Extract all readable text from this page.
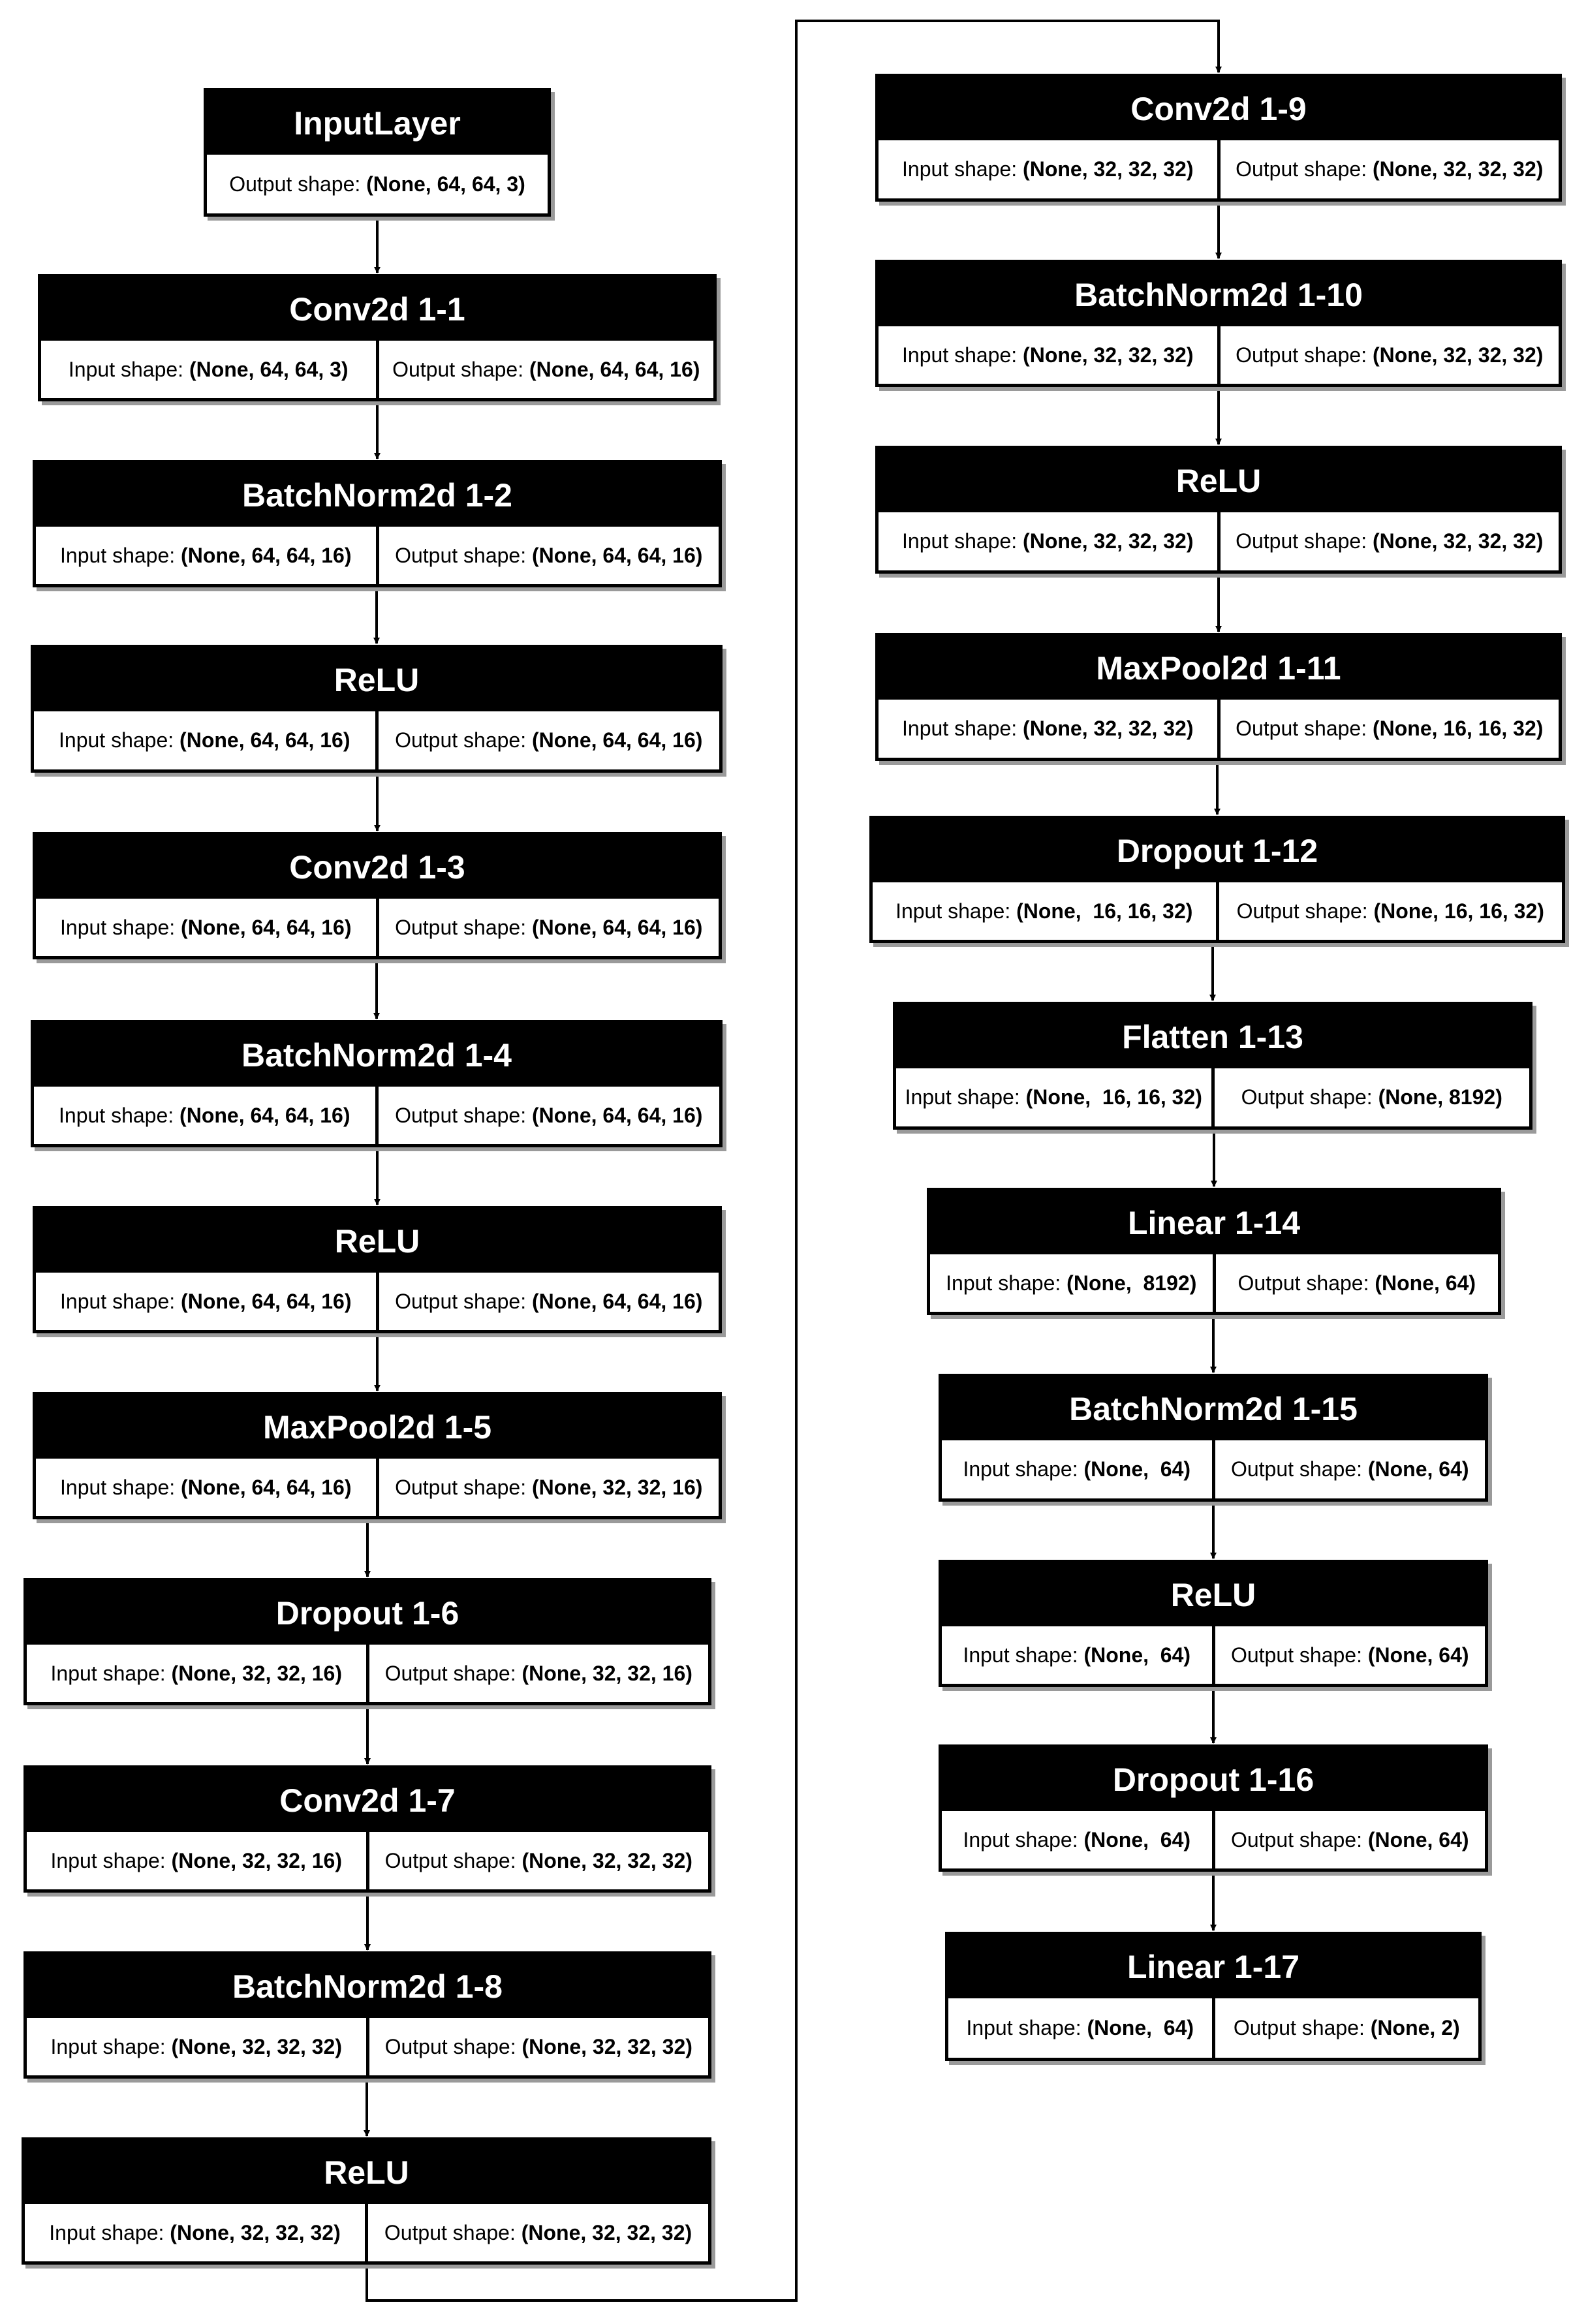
InputLayer
Output shape: (None, 64, 64, 3)
Conv2d 1-1
Input shape: (None, 64, 64, 3) Output shape: (None, 64, 64, 16)
BatchNorm2d 1-2
Input shape: (None, 64, 64, 16) Output shape: (None, 64, 64, 16)
ReLU
Input shape: (None, 64, 64, 16) Output shape: (None, 64, 64, 16)
Conv2d 1-3
Input shape: (None, 64, 64, 16) Output shape: (None, 64, 64, 16)
BatchNorm2d 1-4
Input shape: (None, 64, 64, 16) Output shape: (None, 64, 64, 16)
ReLU
Input shape: (None, 64, 64, 16) Output shape: (None, 64, 64, 16)
MaxPool2d 1-5
Input shape: (None, 64, 64, 16) Output shape: (None, 32, 32, 16)
Dropout 1-6
Input shape: (None, 32, 32, 16) Output shape: (None, 32, 32, 16)
Conv2d 1-7
Input shape: (None, 32, 32, 16) Output shape: (None, 32, 32, 32)
BatchNorm2d 1-8
Input shape: (None, 32, 32, 32) Output shape: (None, 32, 32, 32)
ReLU
Input shape: (None, 32, 32, 32) Output shape: (None, 32, 32, 32)
Conv2d 1-9
Input shape: (None, 32, 32, 32) Output shape: (None, 32, 32, 32)
BatchNorm2d 1-10
Input shape: (None, 32, 32, 32) Output shape: (None, 32, 32, 32)
ReLU
Input shape: (None, 32, 32, 32) Output shape: (None, 32, 32, 32)
MaxPool2d 1-11
Input shape: (None, 32, 32, 32) Output shape: (None, 16, 16, 32)
Dropout 1-12
Input shape: (None,  16, 16, 32) Output shape: (None, 16, 16, 32)
Flatten 1-13
Input shape: (None,  16, 16, 32) Output shape: (None, 8192)
Linear 1-14
Input shape: (None,  8192) Output shape: (None, 64)
BatchNorm2d 1-15
Input shape: (None,  64) Output shape: (None, 64)
ReLU
Input shape: (None,  64) Output shape: (None, 64)
Dropout 1-16
Input shape: (None,  64) Output shape: (None, 64)
Linear 1-17
Input shape: (None,  64) Output shape: (None, 2)
